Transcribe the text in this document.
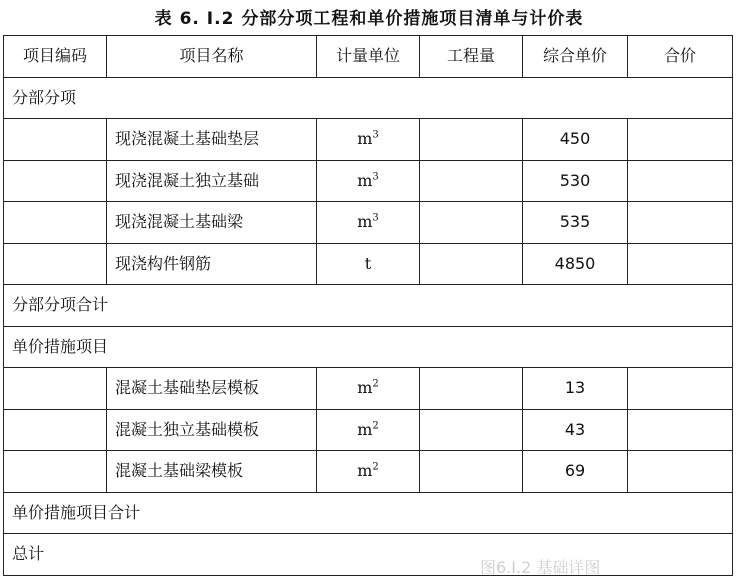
图6.Ⅰ.2 基础详图
表 6. Ⅰ.2 分部分项工程和单价措施项目清单与计价表
项目编码	项目名称	计量单位	工程量	综合单价	合价
分部分项					
	现浇混凝土基础垫层	$m^3$		450	
	现浇混凝土独立基础	$m^3$		530	
	现浇混凝土基础梁	$m^3$		535	
	现浇构件钢筋	t		4850	
分部分项合计					
单价措施项目					
	混凝土基础垫层模板	$m^2$		13	
	混凝土独立基础模板	$m^2$		43	
	混凝土基础梁模板	$m^2$		69	
单价措施项目合计					
总计					
